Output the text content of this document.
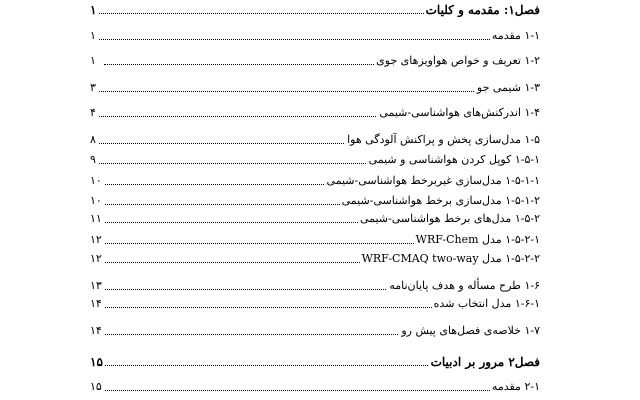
فصل۱: مقدمه و کلیات
۱
۱-۱ مقدمه
۱
۱-۲ تعریف و خواص هواویزهای جوی
۱
۱-۳ شیمی جو
۳
۱-۴ اندرکنش‌های هواشناسی-شیمی
۴
۱-۵ مدل‌سازی پخش و پراکنش آلودگی هوا
۸
۱-۵-۱ کوپل کردن هواشناسی و شیمی
۹
۱-۵-۱-۱ مدل‌سازی غیربرخط هواشناسی-شیمی
۱۰
۱-۵-۱-۲ مدل‌سازی برخط هواشناسی-شیمی
۱۰
۱-۵-۲ مدل‌های برخط هواشناسی-شیمی
۱۱
۱-۵-۲-۱ مدل WRF-Chem
۱۲
۱-۵-۲-۲ مدل WRF-CMAQ two-way
۱۲
۱-۶ طرح مسأله و هدف پایان‌نامه
۱۳
۱-۶-۱ مدل انتخاب شده
۱۴
۱-۷ خلاصه‌ی فصل‌های پیش رو
۱۴
فصل۲ مرور بر ادبیات
۱۵
۲-۱ مقدمه
۱۵
